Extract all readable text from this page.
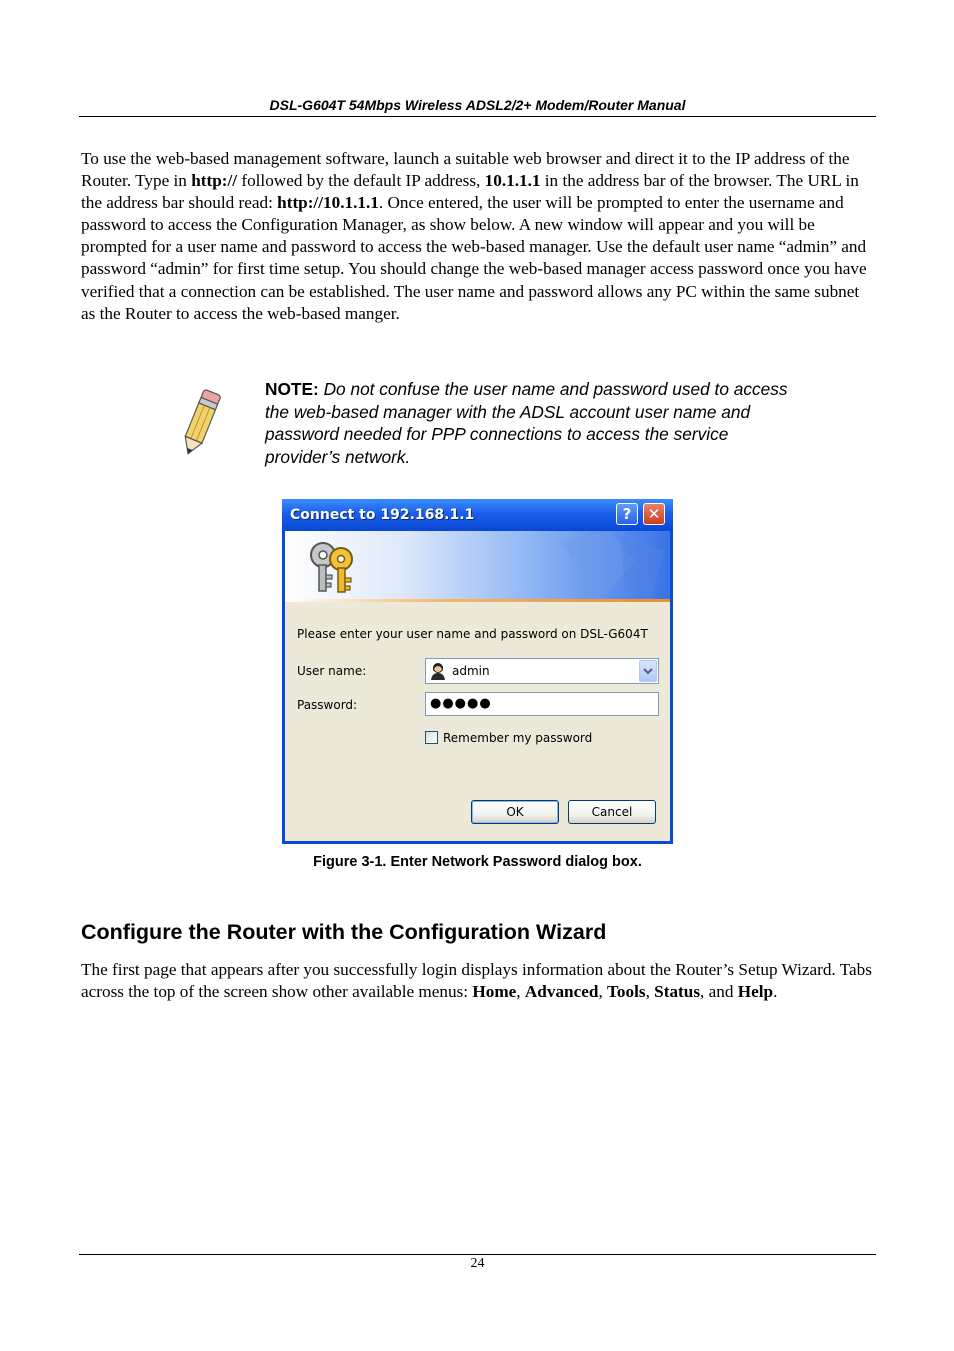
DSL-G604T 54Mbps Wireless ADSL2/2+ Modem/Router Manual

To use the web-based management software, launch a suitable web browser and direct it to the IP address of the Router. Type in http:// followed by the default IP address, 10.1.1.1 in the address bar of the browser. The URL in the address bar should read: http://10.1.1.1. Once entered, the user will be prompted to enter the username and password to access the Configuration Manager, as show below. A new window will appear and you will be prompted for a user name and password to access the web-based manager. Use the default user name “admin” and password “admin” for first time setup. You should change the web-based manager access password once you have verified that a connection can be established. The user name and password allows any PC within the same subnet as the Router to access the web-based manger.

NOTE: Do not confuse the user name and password used to access the web-based manager with the ADSL account user name and password needed for PPP connections to access the service provider’s network.

Connect to 192.168.1.1	?	✕
Please enter your user name and password on DSL-G604T
User name:	admin
Password:	●●●●●
Remember my password
OK	Cancel
Figure 3-1. Enter Network Password dialog box.
Configure the Router with the Configuration Wizard

The first page that appears after you successfully login displays information about the Router’s Setup Wizard. Tabs across the top of the screen show other available menus: Home, Advanced, Tools, Status, and Help.

24
